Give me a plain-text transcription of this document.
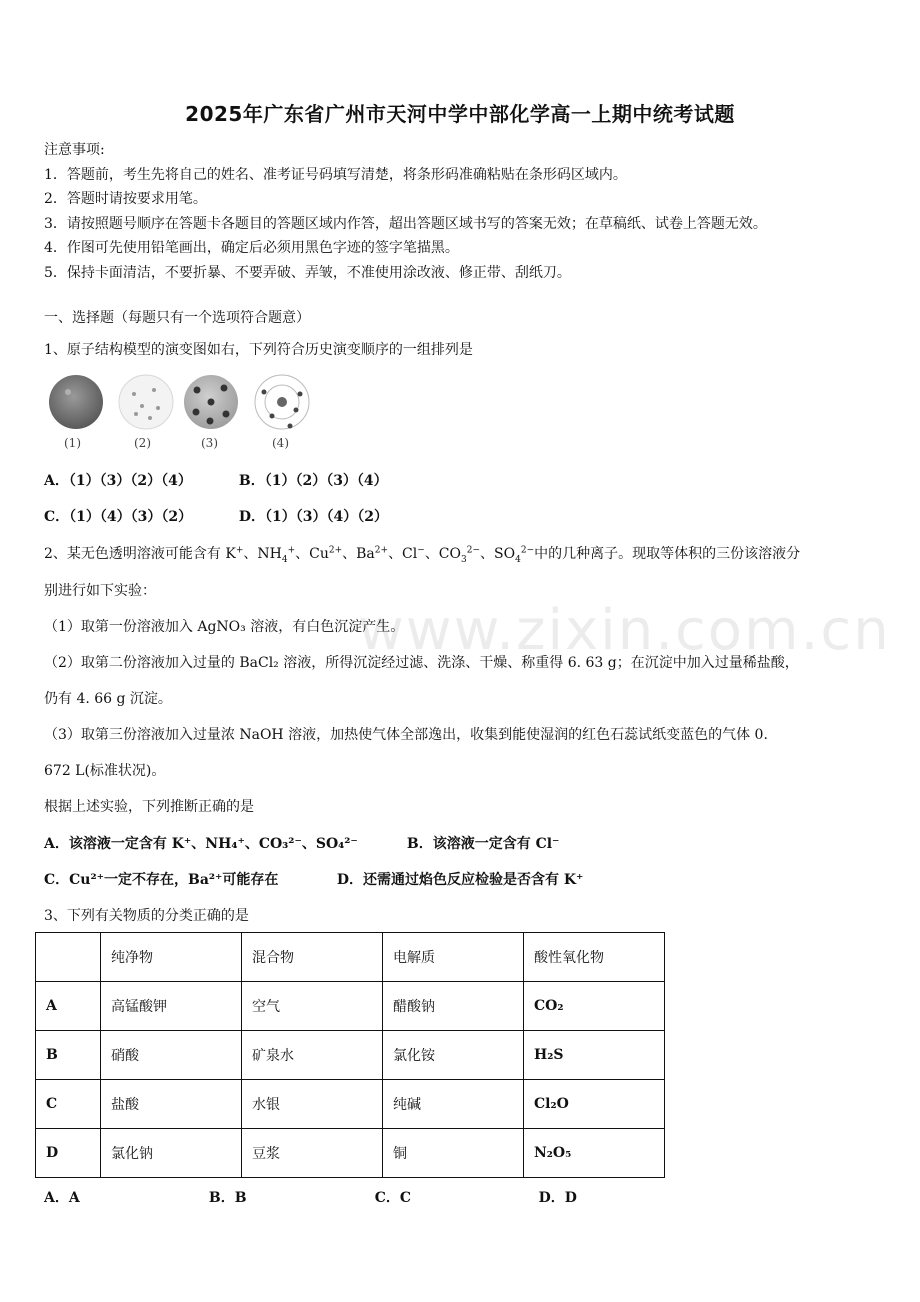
www.zixin.com.cn
2025年广东省广州市天河中学中部化学高一上期中统考试题
注意事项:
1．答题前，考生先将自己的姓名、准考证号码填写清楚，将条形码准确粘贴在条形码区域内。
2．答题时请按要求用笔。
3．请按照题号顺序在答题卡各题目的答题区域内作答，超出答题区域书写的答案无效；在草稿纸、试卷上答题无效。
4．作图可先使用铅笔画出，确定后必须用黑色字迹的签字笔描黑。
5．保持卡面清洁，不要折暴、不要弄破、弄皱，不准使用涂改液、修正带、刮纸刀。
一、选择题（每题只有一个选项符合题意）
1、原子结构模型的演变图如右，下列符合历史演变顺序的一组排列是
(1)	(2)	(3)	(4)
A．（1）（3）（2）（4）	B．（1）（2）（3）（4）
C．（1）（4）（3）（2）	D．（1）（3）（4）（2）
2、某无色透明溶液可能含有 K+、$NH_4^+$、$Cu^{2+}$、$Ba^{2+}$、Cl−、$CO_3^{2-}$、$SO_4^{2-}$中的几种离子。现取等体积的三份该溶液分
别进行如下实验：
（1）取第一份溶液加入 AgNO₃ 溶液，有白色沉淀产生。
（2）取第二份溶液加入过量的 BaCl₂ 溶液，所得沉淀经过滤、洗涤、干燥、称重得 6. 63 g；在沉淀中加入过量稀盐酸，
仍有 4. 66 g 沉淀。
（3）取第三份溶液加入过量浓 NaOH 溶液，加热使气体全部逸出，收集到能使湿润的红色石蕊试纸变蓝色的气体 0.
672 L(标准状况)。
根据上述实验，下列推断正确的是
A．该溶液一定含有 K⁺、NH₄⁺、CO₃²⁻、SO₄²⁻	B．该溶液一定含有 Cl⁻
C．Cu²⁺一定不存在，Ba²⁺可能存在	D．还需通过焰色反应检验是否含有 K⁺
3、下列有关物质的分类正确的是
	纯净物	混合物	电解质	酸性氧化物
A	高锰酸钾	空气	醋酸钠	CO₂
B	硝酸	矿泉水	氯化铵	H₂S
C	盐酸	水银	纯碱	Cl₂O
D	氯化钠	豆浆	铜	N₂O₅
A．A	B．B	C．C	D．D
